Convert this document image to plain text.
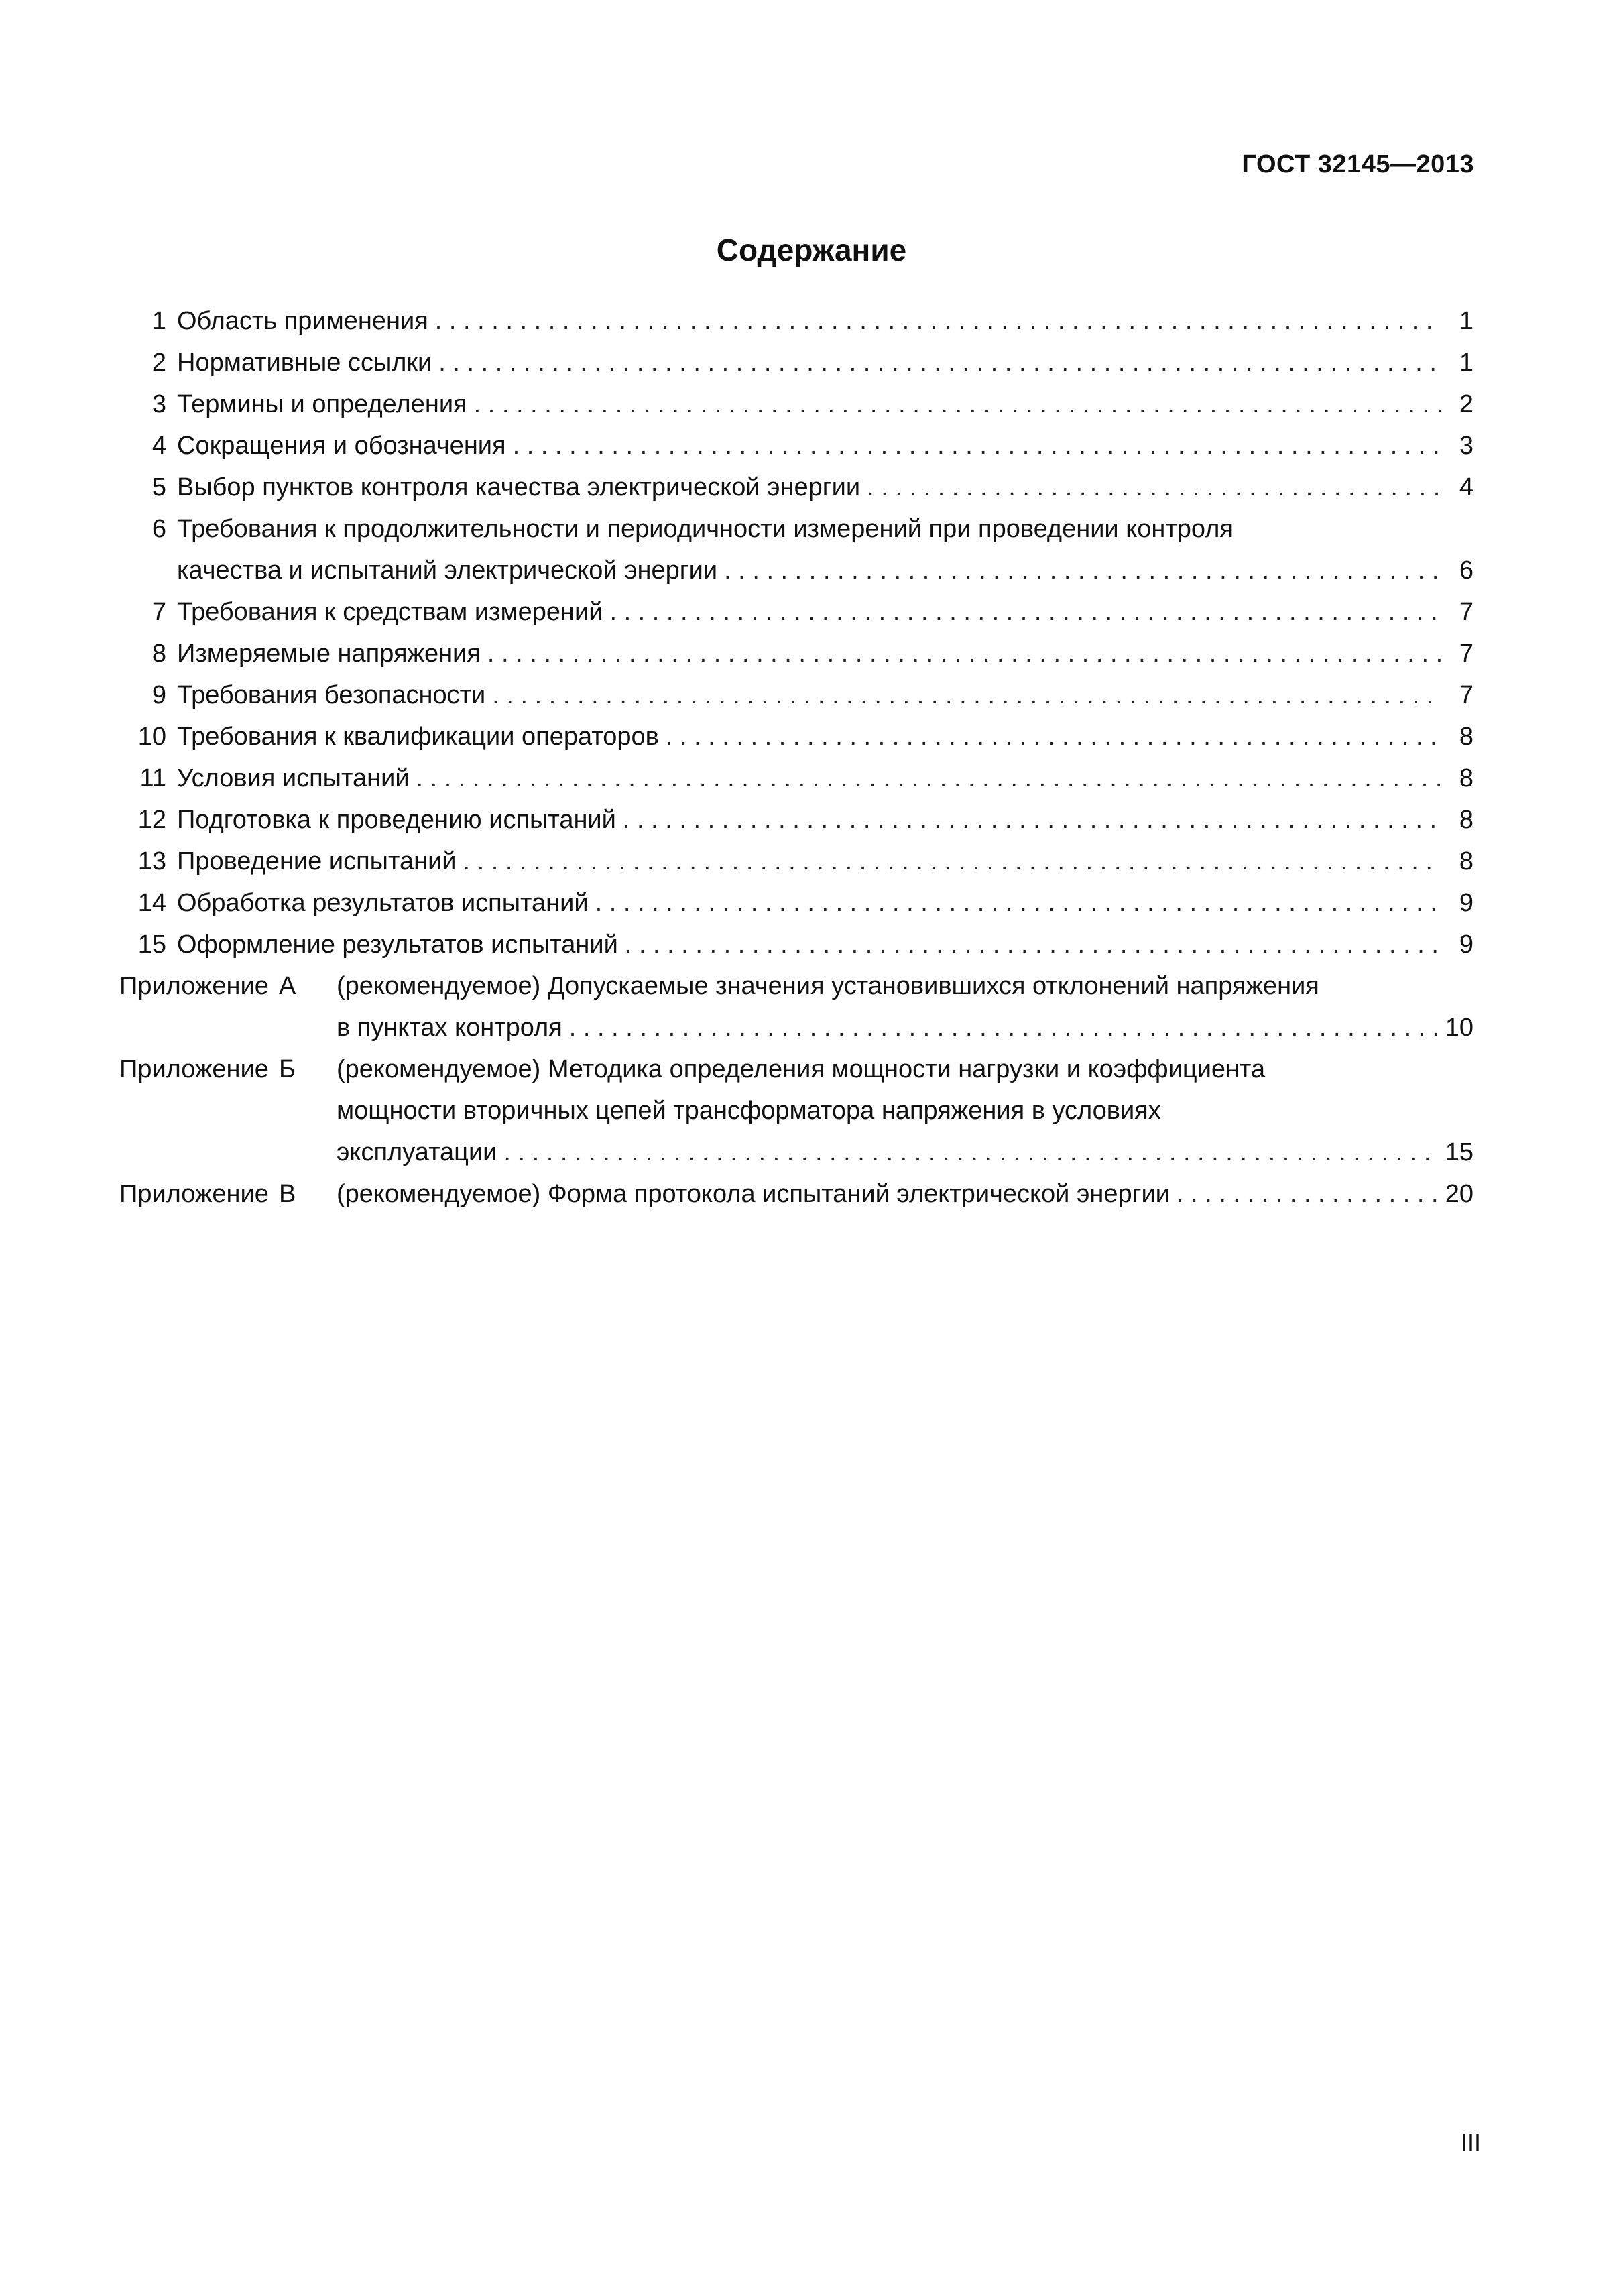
ГОСТ 32145—2013
Содержание
1 Область применения . . .	1
2 Нормативные ссылки . . .	1
3 Термины и определения . . .	2
4 Сокращения и обозначения . . .	3
5 Выбор пунктов контроля качества электрической энергии . . .	4
6 Требования к продолжительности и периодичности измерений при проведении контроля
качества и испытаний электрической энергии . . .	6
7 Требования к средствам измерений . . .	7
8 Измеряемые напряжения . . .	7
9 Требования безопасности . . .	7
10 Требования к квалификации операторов . . .	8
11 Условия испытаний . . .	8
12 Подготовка к проведению испытаний . . .	8
13 Проведение испытаний . . .	8
14 Обработка результатов испытаний . . .	9
15 Оформление результатов испытаний . . .	9
Приложение А	(рекомендуемое) Допускаемые значения установившихся отклонений напряжения
в пунктах контроля . . .	10
Приложение Б	(рекомендуемое) Методика определения мощности нагрузки и коэффициента
мощности вторичных цепей трансформатора напряжения в условиях
эксплуатации . . .	15
Приложение В	(рекомендуемое) Форма протокола испытаний электрической энергии . . .	20
III
